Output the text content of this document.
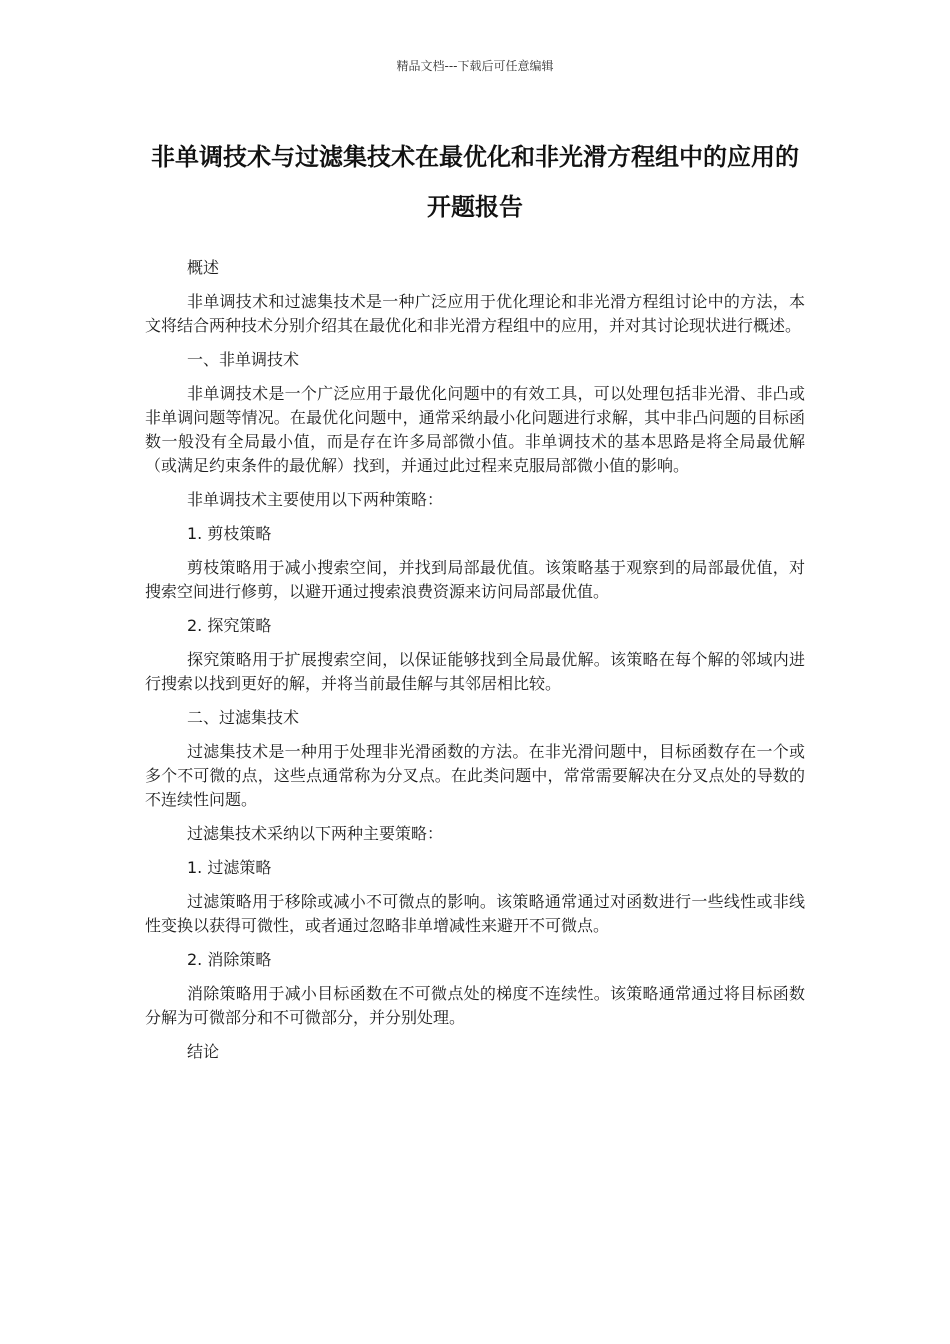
精品文档---下载后可任意编辑
非单调技术与过滤集技术在最优化和非光滑方程组中的应用的开题报告
概述

非单调技术和过滤集技术是一种广泛应用于优化理论和非光滑方程组讨论中的方法，本文将结合两种技术分别介绍其在最优化和非光滑方程组中的应用，并对其讨论现状进行概述。

一、非单调技术

非单调技术是一个广泛应用于最优化问题中的有效工具，可以处理包括非光滑、非凸或非单调问题等情况。在最优化问题中，通常采纳最小化问题进行求解，其中非凸问题的目标函数一般没有全局最小值，而是存在许多局部微小值。非单调技术的基本思路是将全局最优解（或满足约束条件的最优解）找到，并通过此过程来克服局部微小值的影响。

非单调技术主要使用以下两种策略：
1. 剪枝策略

剪枝策略用于减小搜索空间，并找到局部最优值。该策略基于观察到的局部最优值，对搜索空间进行修剪，以避开通过搜索浪费资源来访问局部最优值。

2. 探究策略

探究策略用于扩展搜索空间，以保证能够找到全局最优解。该策略在每个解的邻域内进行搜索以找到更好的解，并将当前最佳解与其邻居相比较。

二、过滤集技术

过滤集技术是一种用于处理非光滑函数的方法。在非光滑问题中，目标函数存在一个或多个不可微的点，这些点通常称为分叉点。在此类问题中，常常需要解决在分叉点处的导数的不连续性问题。

过滤集技术采纳以下两种主要策略：
1. 过滤策略

过滤策略用于移除或减小不可微点的影响。该策略通常通过对函数进行一些线性或非线性变换以获得可微性，或者通过忽略非单增减性来避开不可微点。

2. 消除策略

消除策略用于减小目标函数在不可微点处的梯度不连续性。该策略通常通过将目标函数分解为可微部分和不可微部分，并分别处理。

结论
